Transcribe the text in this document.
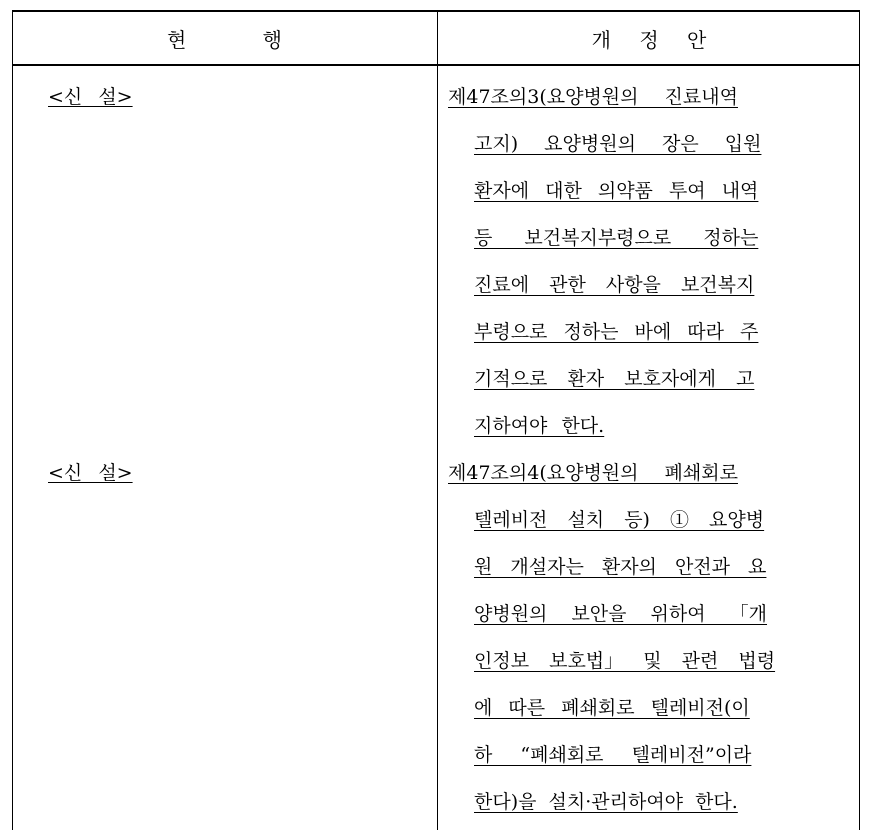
현 행	개 정 안
<신 설>
<신 설>
제47조의3(요양병원의 진료내역
고지) 요양병원의 장은 입원
환자에 대한 의약품 투여 내역
등 보건복지부령으로 정하는
진료에 관한 사항을 보건복지
부령으로 정하는 바에 따라 주
기적으로 환자 보호자에게 고
지하여야 한다.
제47조의4(요양병원의 폐쇄회로
텔레비전 설치 등) ① 요양병
원 개설자는 환자의 안전과 요
양병원의 보안을 위하여 「개
인정보 보호법」 및 관련 법령
에 따른 폐쇄회로 텔레비전(이
하 “폐쇄회로 텔레비전”이라
한다)을 설치·관리하여야 한다.
